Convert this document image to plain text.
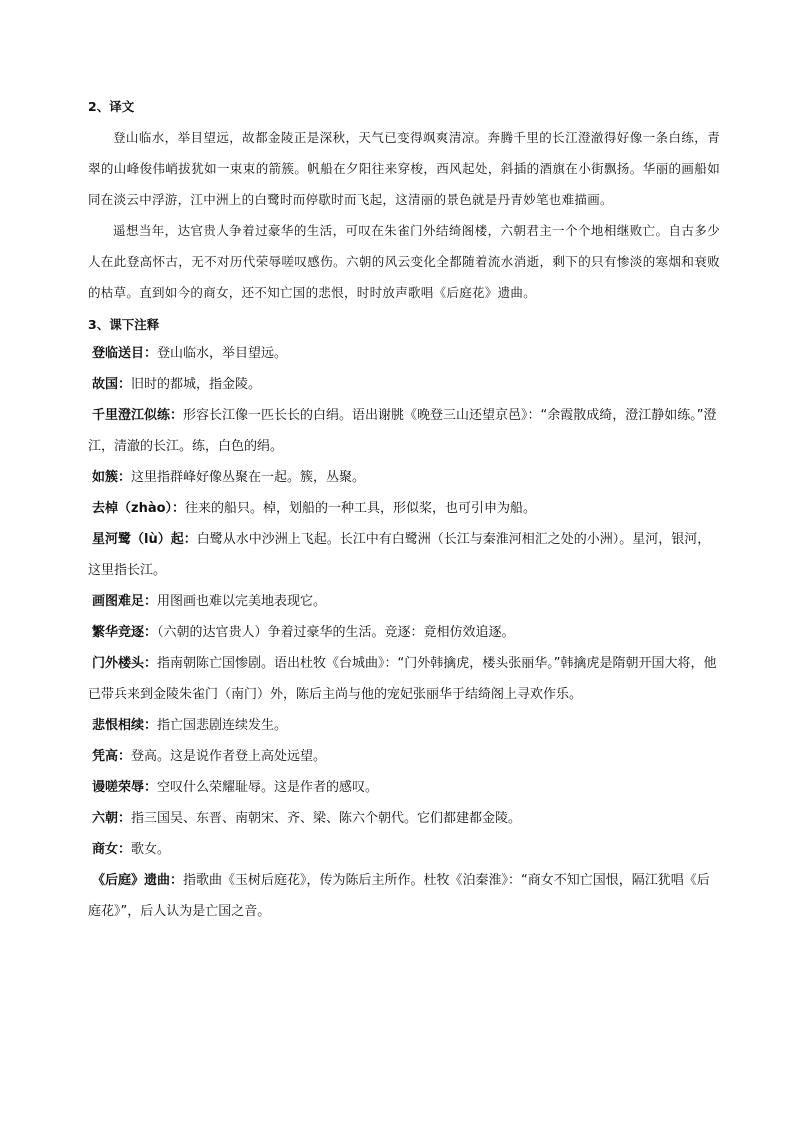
2、译文

登山临水，举目望远，故都金陵正是深秋，天气已变得飒爽清凉。奔腾千里的长江澄澈得好像一条白练，青翠的山峰俊伟峭拔犹如一束束的箭簇。帆船在夕阳往来穿梭，西风起处，斜插的酒旗在小街飘扬。华丽的画船如同在淡云中浮游，江中洲上的白鹭时而停歇时而飞起，这清丽的景色就是丹青妙笔也难描画。

遥想当年，达官贵人争着过豪华的生活，可叹在朱雀门外结绮阁楼，六朝君主一个个地相继败亡。自古多少人在此登高怀古，无不对历代荣辱嗟叹感伤。六朝的风云变化全都随着流水消逝，剩下的只有惨淡的寒烟和衰败的枯草。直到如今的商女，还不知亡国的悲恨，时时放声歌唱《后庭花》遗曲。

3、课下注释

登临送目：登山临水，举目望远。

故国：旧时的都城，指金陵。

千里澄江似练：形容长江像一匹长长的白绢。语出谢朓《晚登三山还望京邑》：“余霞散成绮，澄江静如练。”澄江，清澈的长江。练，白色的绢。

如簇：这里指群峰好像丛聚在一起。簇，丛聚。

去棹（zhào）：往来的船只。棹，划船的一种工具，形似桨，也可引申为船。

星河鹭（lù）起：白鹭从水中沙洲上飞起。长江中有白鹭洲（长江与秦淮河相汇之处的小洲）。星河，银河，这里指长江。

画图难足：用图画也难以完美地表现它。

繁华竞逐：（六朝的达官贵人）争着过豪华的生活。竞逐：竟相仿效追逐。

门外楼头：指南朝陈亡国惨剧。语出杜牧《台城曲》：“门外韩擒虎，楼头张丽华。”韩擒虎是隋朝开国大将，他已带兵来到金陵朱雀门（南门）外，陈后主尚与他的宠妃张丽华于结绮阁上寻欢作乐。

悲恨相续：指亡国悲剧连续发生。

凭高：登高。这是说作者登上高处远望。

谩嗟荣辱：空叹什么荣耀耻辱。这是作者的感叹。

六朝：指三国吴、东晋、南朝宋、齐、梁、陈六个朝代。它们都建都金陵。

商女：歌女。

《后庭》遗曲：指歌曲《玉树后庭花》，传为陈后主所作。杜牧《泊秦淮》：“商女不知亡国恨，隔江犹唱《后庭花》”，后人认为是亡国之音。
